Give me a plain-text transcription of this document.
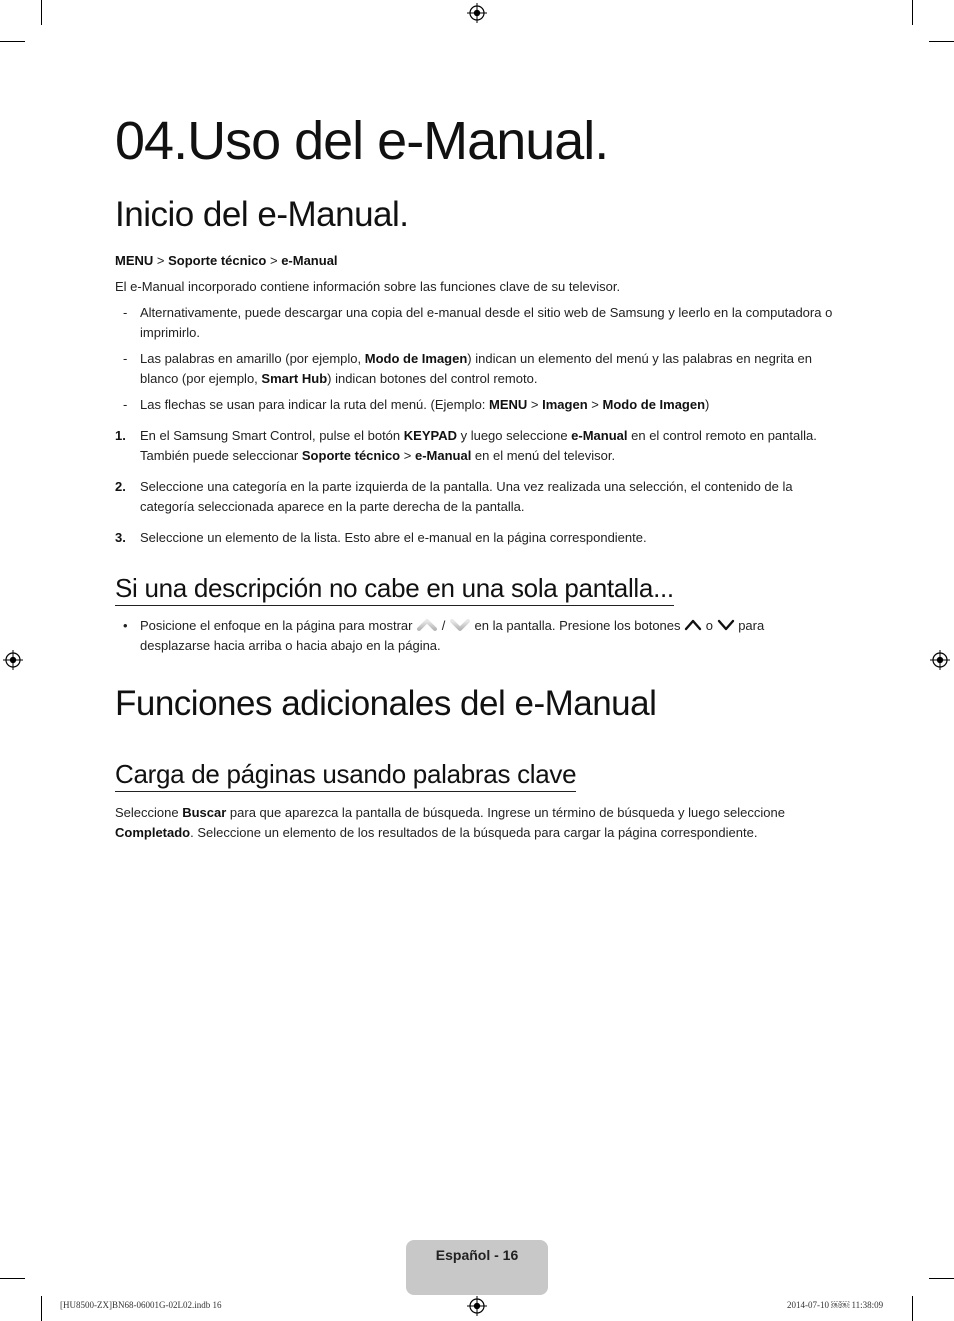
04.Uso del e-Manual.
Inicio del e-Manual.
MENU > Soporte técnico > e-Manual
El e-Manual incorporado contiene información sobre las funciones clave de su televisor.
- Alternativamente, puede descargar una copia del e-manual desde el sitio web de Samsung y leerlo en la computadora o imprimirlo.
- Las palabras en amarillo (por ejemplo, Modo de Imagen) indican un elemento del menú y las palabras en negrita en blanco (por ejemplo, Smart Hub) indican botones del control remoto.
- Las flechas se usan para indicar la ruta del menú. (Ejemplo: MENU > Imagen > Modo de Imagen)
1.	En el Samsung Smart Control, pulse el botón KEYPAD y luego seleccione e-Manual en el control remoto en pantalla. También puede seleccionar Soporte técnico > e-Manual en el menú del televisor.
2.	Seleccione una categoría en la parte izquierda de la pantalla. Una vez realizada una selección, el contenido de la categoría seleccionada aparece en la parte derecha de la pantalla.
3.	Seleccione un elemento de la lista. Esto abre el e-manual en la página correspondiente.
Si una descripción no cabe en una sola pantalla...
• Posicione el enfoque en la página para mostrar  /  en la pantalla. Presione los botones  o  para desplazarse hacia arriba o hacia abajo en la página.
Funciones adicionales del e-Manual
Carga de páginas usando palabras clave
Seleccione Buscar para que aparezca la pantalla de búsqueda. Ingrese un término de búsqueda y luego seleccione Completado. Seleccione un elemento de los resultados de la búsqueda para cargar la página correspondiente.
Español - 16
[HU8500-ZX]BN68-06001G-02L02.indb 16	2014-07-10 ￼￼ 11:38:09
